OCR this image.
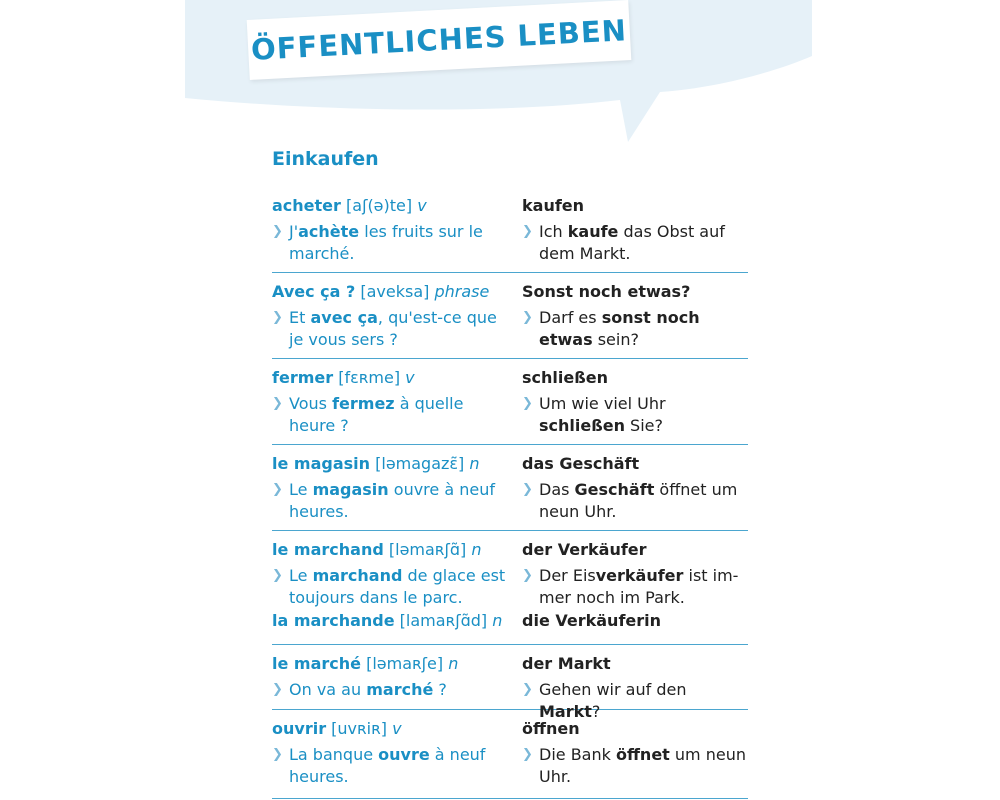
ÖFFENTLICHES LEBEN
Einkaufen
acheter [aʃ(ə)te] v
❯ J'achète les fruits sur le marché.
kaufen
❯ Ich kaufe das Obst auf dem Markt.
Avec ça ? [aveksa] phrase
❯ Et avec ça, qu'est-ce que je vous sers ?
Sonst noch etwas?
❯ Darf es sonst noch etwas sein?
fermer [fɛʀme] v
❯ Vous fermez à quelle heure ?
schließen
❯ Um wie viel Uhr schließen Sie?
le magasin [ləmagazɛ̃] n
❯ Le magasin ouvre à neuf heures.
das Geschäft
❯ Das Geschäft öffnet um neun Uhr.
le marchand [ləmaʀʃɑ̃] n
❯ Le marchand de glace est toujours dans le parc.
der Verkäufer
❯ Der Eisverkäufer ist im-mer noch im Park.
la marchande [lamaʀʃɑ̃d] n	die Verkäuferin
le marché [ləmaʀʃe] n
❯ On va au marché ?
der Markt
❯ Gehen wir auf den Markt?
ouvrir [uvʀiʀ] v
❯ La banque ouvre à neuf heures.
öffnen
❯ Die Bank öffnet um neun Uhr.
